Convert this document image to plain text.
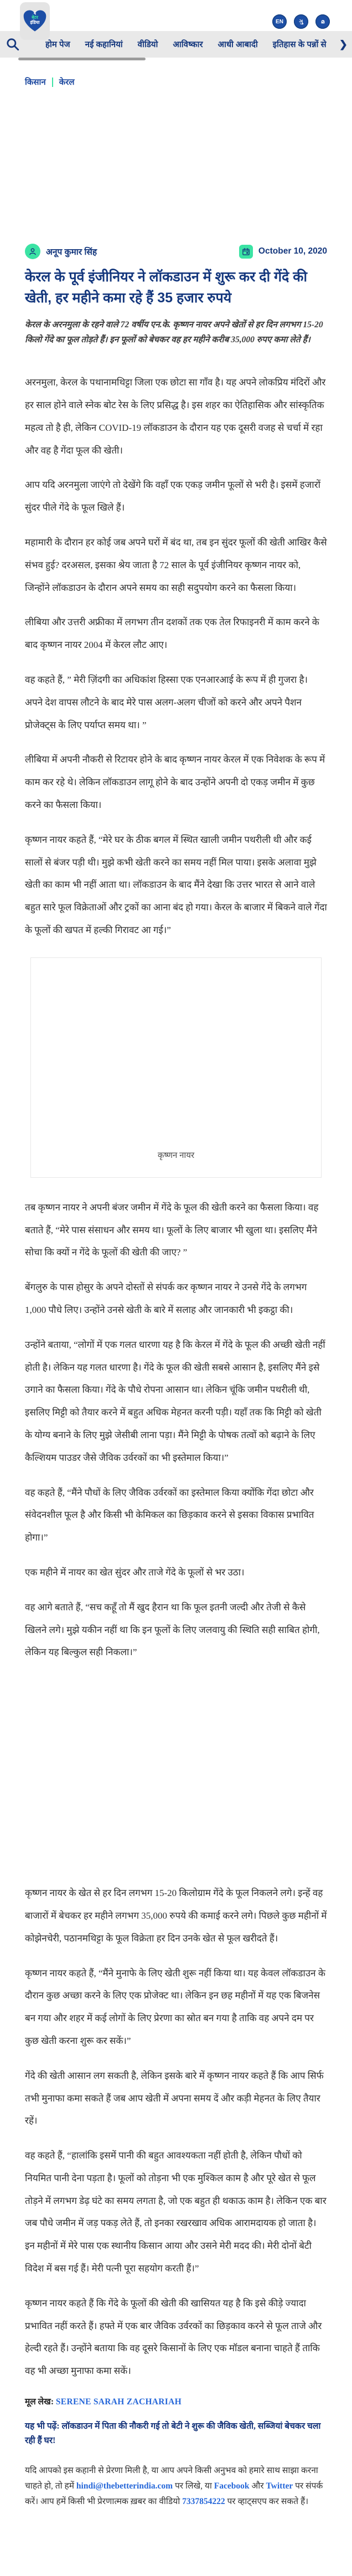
द
बेटर
इंडिया	EN	ગુ	മ
होम पेज नई कहानियां वीडियो आविष्कार आधी आबादी इतिहास के पन्नों से	❯
किसान केरल
अनूप कुमार सिंह	October 10, 2020
केरल के पूर्व इंजीनियर ने लॉकडाउन में शुरू कर दी गेंदे की खेती, हर महीने कमा रहे हैं 35 हजार रुपये
केरल के अरनमुला के रहने वाले 72 वर्षीय एन.के. कृष्णन नायर अपने खेतों से हर दिन लगभग 15-20 किलो गेंदे का फूल तोड़ते हैं। इन फूलों को बेचकर वह हर महीने करीब 35,000 रुपए कमा लेते हैं।

अरनमुला, केरल के पथानामथिट्टा जिला एक छोटा सा गाँव है। यह अपने लोकप्रिय मंदिरों और हर साल होने वाले स्नेक बोट रेस के लिए प्रसिद्ध है। इस शहर का ऐतिहासिक और सांस्कृतिक महत्व तो है ही, लेकिन COVID-19 लॉकडाउन के दौरान यह एक दूसरी वजह से चर्चा में रहा और वह है गेंदा फूल की खेती।

आप यदि अरनमुला जाएंगे तो देखेंगे कि वहाँ एक एकड़ जमीन फूलों से भरी है। इसमें हजारों सुंदर पीले गेंदे के फूल खिले हैं।

महामारी के दौरान हर कोई जब अपने घरों में बंद था, तब इन सुंदर फूलों की खेती आखिर कैसे संभव हुई? दरअसल, इसका श्रेय जाता है 72 साल के पूर्व इंजीनियर कृष्णन नायर को, जिन्होंने लॉकडाउन के दौरान अपने समय का सही सदुपयोग करने का फैसला किया।

लीबिया और उत्तरी अफ्रीका में लगभग तीन दशकों तक एक तेल रिफाइनरी में काम करने के बाद कृष्णन नायर 2004 में केरल लौट आए।

वह कहते हैं, ” मेरी ज़िंदगी का अधिकांश हिस्सा एक एनआरआई के रूप में ही गुजरा है। अपने देश वापस लौटने के बाद मेरे पास अलग-अलग चीजों को करने और अपने पैशन प्रोजेक्ट्स के लिए पर्याप्त समय था। ”

लीबिया में अपनी नौकरी से रिटायर होने के बाद कृष्णन नायर केरल में एक निवेशक के रूप में काम कर रहे थे। लेकिन लॉकडाउन लागू होने के बाद उन्होंने अपनी दो एकड़ जमीन में कुछ करने का फैसला किया।

कृष्णन नायर कहते हैं, “मेरे घर के ठीक बगल में स्थित खाली जमीन पथरीली थी और कई सालों से बंजर पड़ी थी। मुझे कभी खेती करने का समय नहीं मिल पाया। इसके अलावा मुझे खेती का काम भी नहीं आता था। लॉकडाउन के बाद मैंने देखा कि उत्तर भारत से आने वाले बहुत सारे फूल विक्रेताओं और ट्रकों का आना बंद हो गया। केरल के बाजार में बिकने वाले गेंदा के फूलों की खपत में हल्की गिरावट आ गई।”

कृष्णन नायर

तब कृष्णन नायर ने अपनी बंजर जमीन में गेंदे के फूल की खेती करने का फैसला किया। वह बताते हैं, “मेरे पास संसाधन और समय था। फूलों के लिए बाजार भी खुला था। इसलिए मैंने सोचा कि क्यों न गेंदे के फूलों की खेती की जाए? ”

बेंगलुरु के पास होसुर के अपने दोस्तों से संपर्क कर कृष्णन नायर ने उनसे गेंदे के लगभग 1,000 पौधे लिए। उन्होंने उनसे खेती के बारे में सलाह और जानकारी भी इकट्ठा की।

उन्होंने बताया, “लोगों में एक गलत धारणा यह है कि केरल में गेंदे के फूल की अच्छी खेती नहीं होती है। लेकिन यह गलत धारणा है। गेंदे के फूल की खेती सबसे आसान है, इसलिए मैंने इसे उगाने का फैसला किया। गेंदे के पौधे रोपना आसान था। लेकिन चूंकि जमीन पथरीली थी, इसलिए मिट्टी को तैयार करने में बहुत अधिक मेहनत करनी पड़ी। यहाँ तक कि मिट्टी को खेती के योग्य बनाने के लिए मुझे जेसीबी लाना पड़ा। मैंने मिट्टी के पोषक तत्वों को बढ़ाने के लिए कैल्शियम पाउडर जैसे जैविक उर्वरकों का भी इस्तेमाल किया।”

वह कहते हैं, “मैंने पौधों के लिए जैविक उर्वरकों का इस्तेमाल किया क्योंकि गेंदा छोटा और संवेदनशील फूल है और किसी भी केमिकल का छिड़काव करने से इसका विकास प्रभावित होगा।”

एक महीने में नायर का खेत सुंदर और ताजे गेंदे के फूलों से भर उठा।

वह आगे बताते हैं, “सच कहूँ तो मैं खुद हैरान था कि फूल इतनी जल्दी और तेजी से कैसे खिलने लगे। मुझे यकीन नहीं था कि इन फूलों के लिए जलवायु की स्थिति सही साबित होगी, लेकिन यह बिल्कुल सही निकला।”

कृष्णन नायर के खेत से हर दिन लगभग 15-20 किलोग्राम गेंदे के फूल निकलने लगे। इन्हें वह बाजारों में बेचकर हर महीने लगभग 35,000 रुपये की कमाई करने लगे। पिछले कुछ महीनों में कोझेनचेरी, पठानमथिट्टा के फूल विक्रेता हर दिन उनके खेत से फूल खरीदते हैं।

कृष्णन नायर कहते हैं, “मैंने मुनाफे के लिए खेती शुरू नहीं किया था। यह केवल लॉकडाउन के दौरान कुछ अच्छा करने के लिए एक प्रोजेक्ट था। लेकिन इन छह महीनों में यह एक बिजनेस बन गया और शहर में कई लोगों के लिए प्रेरणा का स्रोत बन गया है ताकि वह अपने दम पर कुछ खेती करना शुरू कर सकें।”

गेंदे की खेती आसान लग सकती है, लेकिन इसके बारे में कृष्णन नायर कहते हैं कि आप सिर्फ तभी मुनाफा कमा सकते हैं जब आप खेती में अपना समय दें और कड़ी मेहनत के लिए तैयार रहें।

वह कहते हैं, “हालांकि इसमें पानी की बहुत आवश्यकता नहीं होती है, लेकिन पौधों को नियमित पानी देना पड़ता है। फूलों को तोड़ना भी एक मुश्किल काम है और पूरे खेत से फूल तोड़ने में लगभग डेढ़ घंटे का समय लगता है, जो एक बहुत ही थकाऊ काम है। लेकिन एक बार जब पौधे जमीन में जड़ पकड़ लेते हैं, तो इनका रखरखाव अधिक आरामदायक हो जाता है। इन महीनों में मेरे पास एक स्थानीय किसान आया और उसने मेरी मदद की। मेरी दोनों बेटी विदेश में बस गई हैं। मेरी पत्नी पूरा सहयोग करती हैं।”

कृष्णन नायर कहते हैं कि गेंदे के फूलों की खेती की खासियत यह है कि इसे कीड़े ज्यादा प्रभावित नहीं करते हैं। हफ्ते में एक बार जैविक उर्वरकों का छिड़काव करने से फूल ताजे और हेल्दी रहते हैं। उन्होंने बताया कि वह दूसरे किसानों के लिए एक मॉडल बनाना चाहते हैं ताकि वह भी अच्छा मुनाफा कमा सकें।

मूल लेख: SERENE SARAH ZACHARIAH
यह भी पढ़ें: लॉकडाउन में पिता की नौकरी गई तो बेटी ने शुरू की जैविक खेती, सब्जियां बेचकर चला रही हैं घर!
यदि आपको इस कहानी से प्रेरणा मिली है, या आप अपने किसी अनुभव को हमारे साथ साझा करना चाहते हो, तो हमें hindi@thebetterindia.com पर लिखे, या Facebook और Twitter पर संपर्क करें। आप हमें किसी भी प्रेरणात्मक ख़बर का वीडियो 7337854222 पर व्हाट्सएप कर सकते हैं।
